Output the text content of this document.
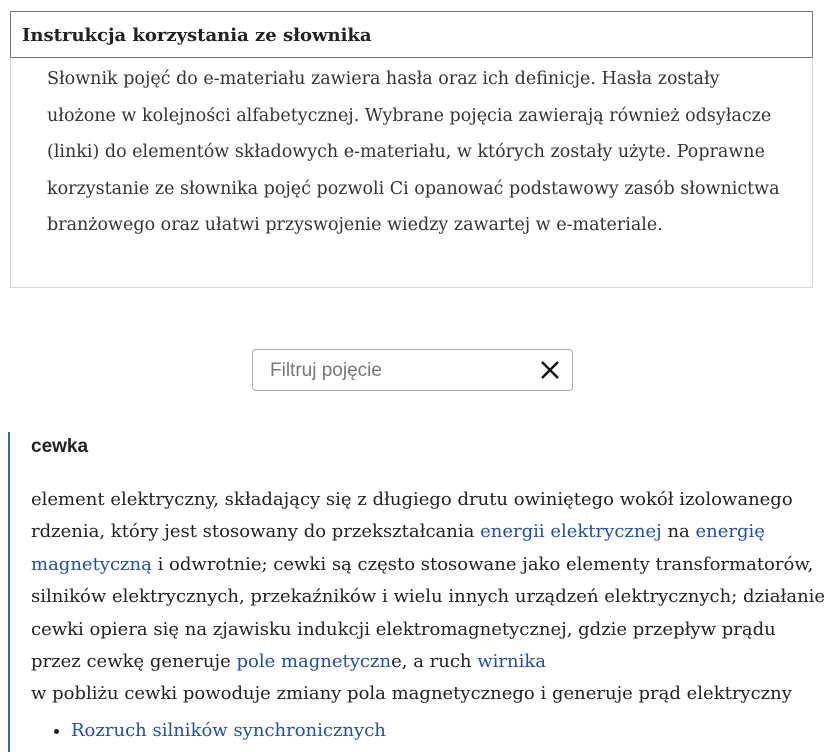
Instrukcja korzystania ze słownika
Słownik pojęć do e-materiału zawiera hasła oraz ich definicje. Hasła zostały ułożone w kolejności alfabetycznej. Wybrane pojęcia zawierają również odsyłacze (linki) do elementów składowych e-materiału, w których zostały użyte. Poprawne korzystanie ze słownika pojęć pozwoli Ci opanować podstawowy zasób słownictwa branżowego oraz ułatwi przyswojenie wiedzy zawartej w e-materiale.
Filtruj pojęcie
cewka
element elektryczny, składający się z długiego drutu owiniętego wokół izolowanego rdzenia, który jest stosowany do przekształcania energii elektrycznej na energię magnetyczną i odwrotnie; cewki są często stosowane jako elementy transformatorów, silników elektrycznych, przekaźników i wielu innych urządzeń elektrycznych; działanie cewki opiera się na zjawisku indukcji elektromagnetycznej, gdzie przepływ prądu przez cewkę generuje pole magnetyczne, a ruch wirnika
w pobliżu cewki powoduje zmiany pola magnetycznego i generuje prąd elektryczny
• Rozruch silników synchronicznych
